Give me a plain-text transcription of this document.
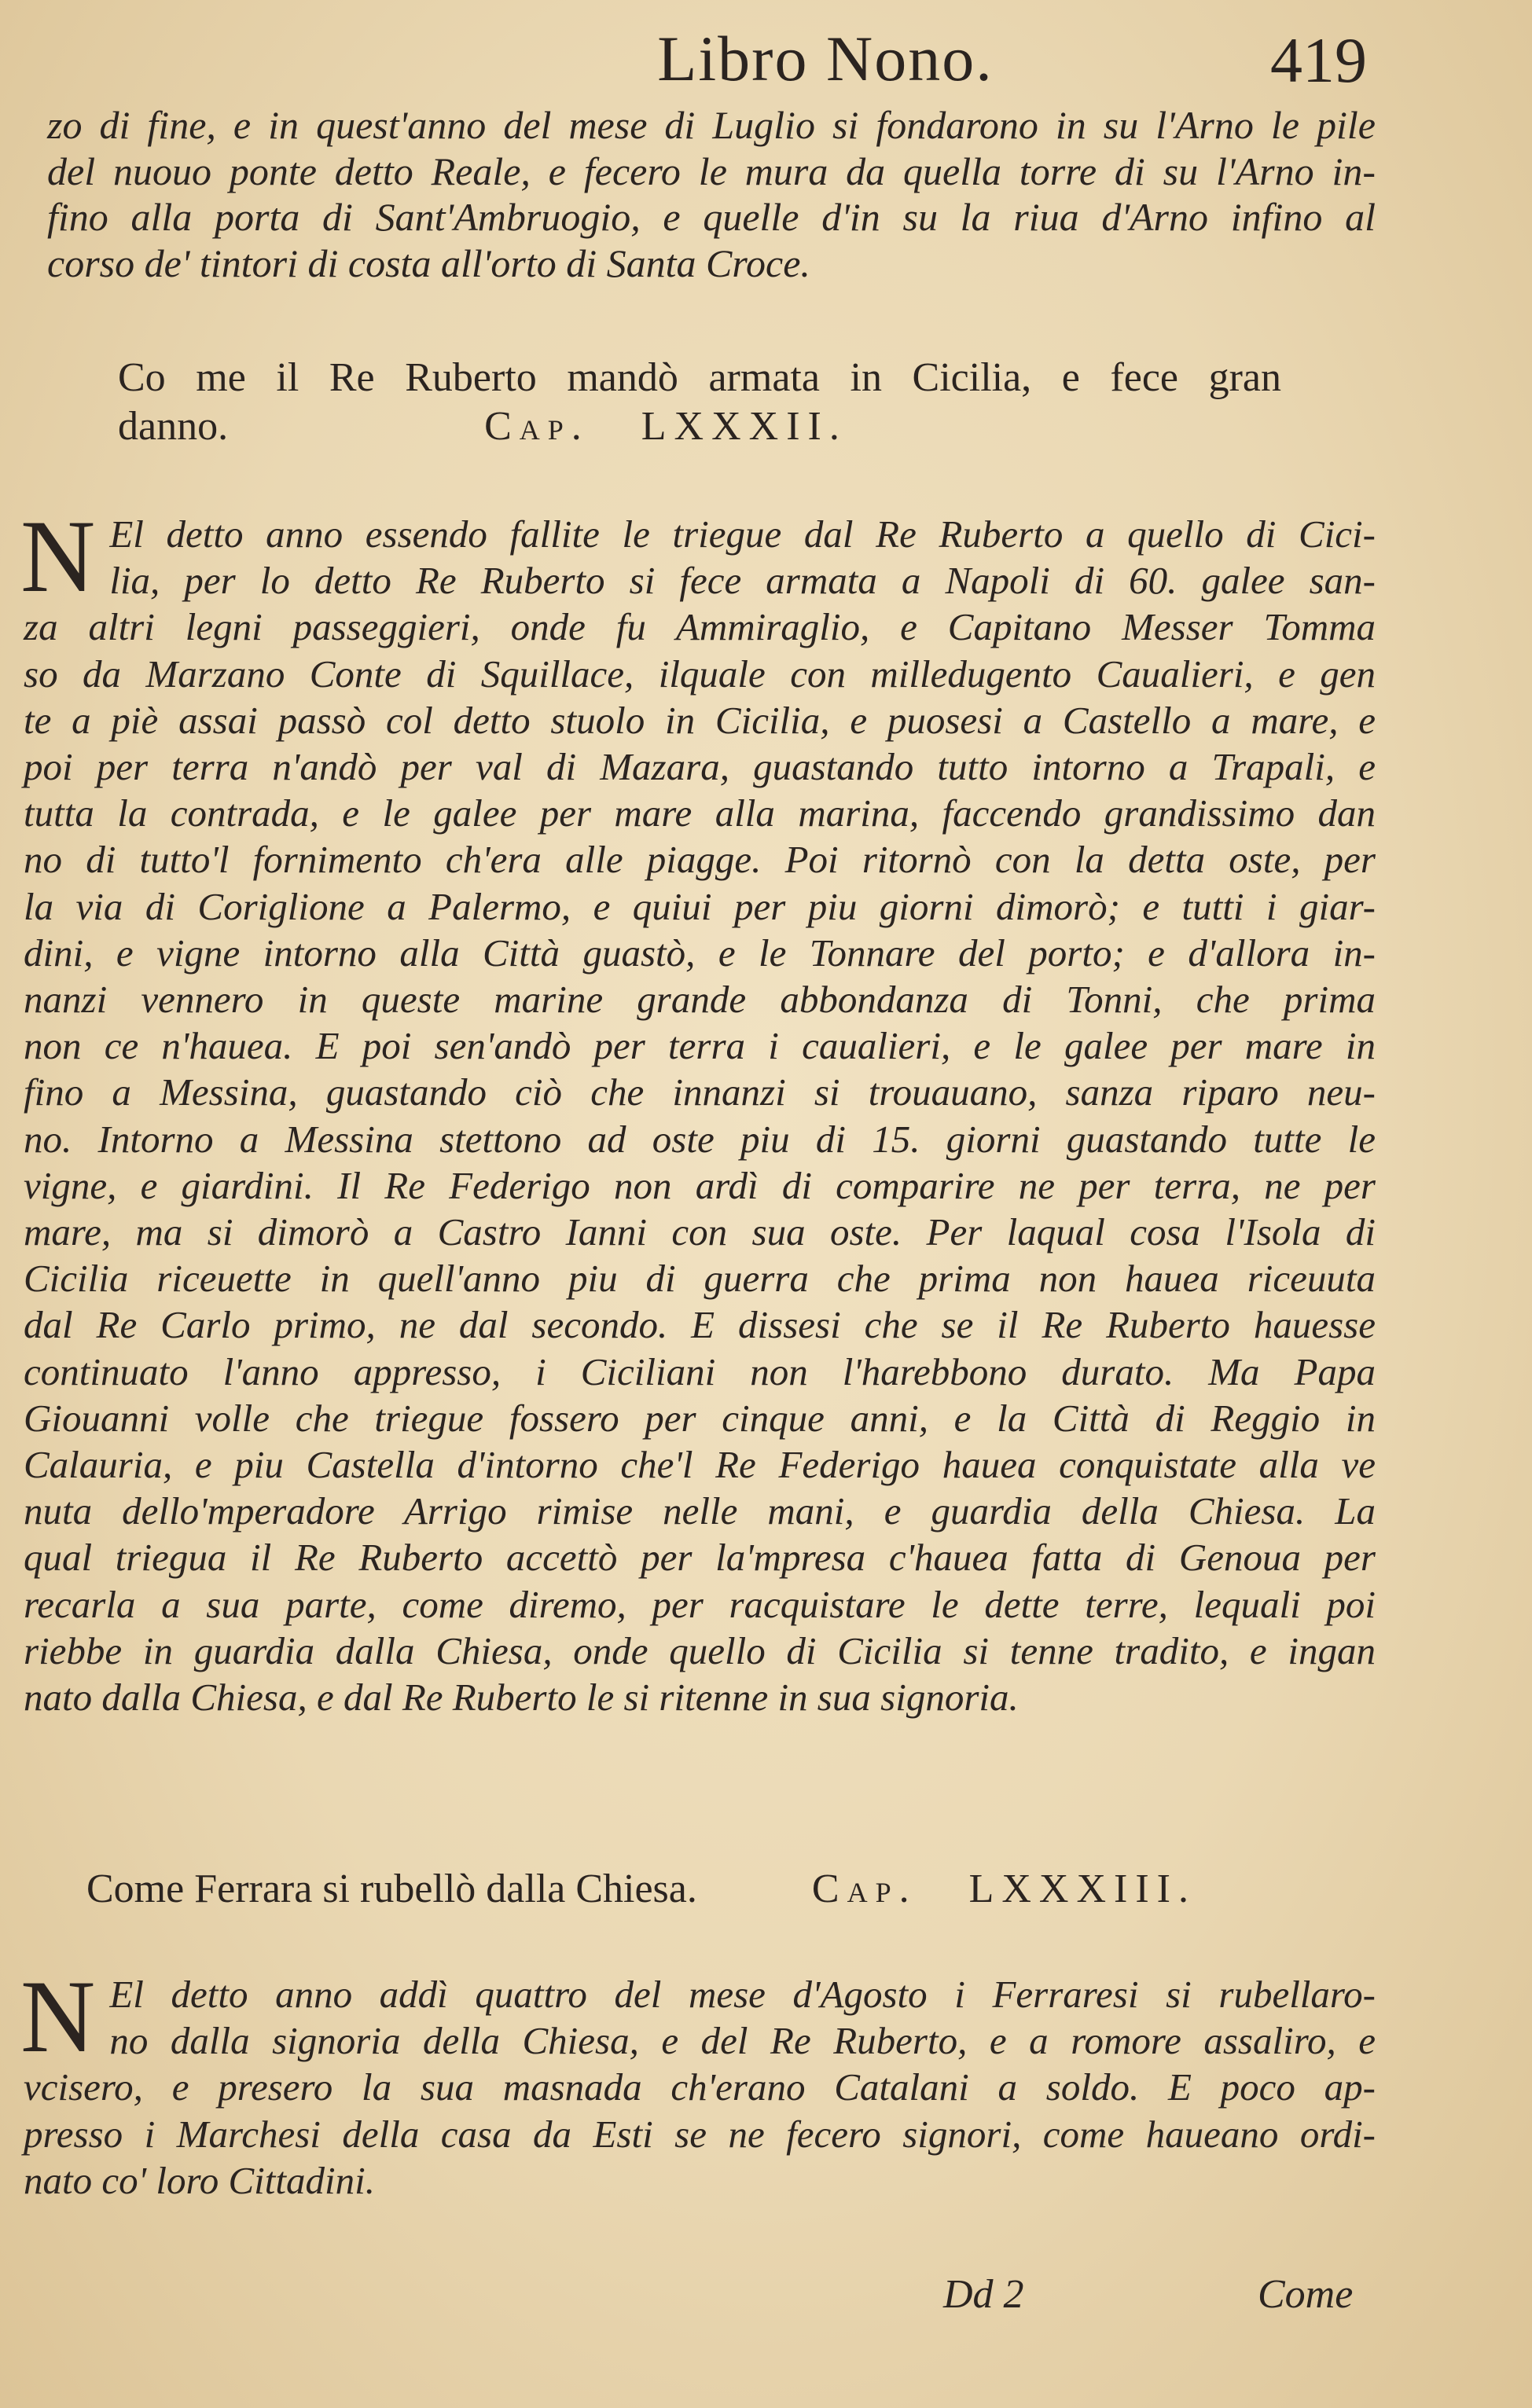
Libro Nono.	419
zo di fine, e in quest'anno del mese di Luglio si fondarono in su l'Arno le pile
del nuouo ponte detto Reale, e fecero le mura da quella torre di su l'Arno in-
fino alla porta di Sant'Ambruogio, e quelle d'in su la riua d'Arno infino al
corso de' tintori di costa all'orto di Santa Croce.
Co me il Re Ruberto mandò armata in Cicilia, e fece gran
danno.	Cap. LXXXII.
N El detto anno essendo fallite le triegue dal Re Ruberto a quello di Cici-
lia, per lo detto Re Ruberto si fece armata a Napoli di 60. galee san-
za altri legni passeggieri, onde fu Ammiraglio, e Capitano Messer Tomma
so da Marzano Conte di Squillace, ilquale con milledugento Caualieri, e gen
te a piè assai passò col detto stuolo in Cicilia, e puosesi a Castello a mare, e
poi per terra n'andò per val di Mazara, guastando tutto intorno a Trapali, e
tutta la contrada, e le galee per mare alla marina, faccendo grandissimo dan
no di tutto'l fornimento ch'era alle piagge. Poi ritornò con la detta oste, per
la via di Coriglione a Palermo, e quiui per piu giorni dimorò; e tutti i giar-
dini, e vigne intorno alla Città guastò, e le Tonnare del porto; e d'allora in-
nanzi vennero in queste marine grande abbondanza di Tonni, che prima
non ce n'hauea. E poi sen'andò per terra i caualieri, e le galee per mare in
fino a Messina, guastando ciò che innanzi si trouauano, sanza riparo neu-
no. Intorno a Messina stettono ad oste piu di 15. giorni guastando tutte le
vigne, e giardini. Il Re Federigo non ardì di comparire ne per terra, ne per
mare, ma si dimorò a Castro Ianni con sua oste. Per laqual cosa l'Isola di
Cicilia riceuette in quell'anno piu di guerra che prima non hauea riceuuta
dal Re Carlo primo, ne dal secondo. E dissesi che se il Re Ruberto hauesse
continuato l'anno appresso, i Ciciliani non l'harebbono durato. Ma Papa
Giouanni volle che triegue fossero per cinque anni, e la Città di Reggio in
Calauria, e piu Castella d'intorno che'l Re Federigo hauea conquistate alla ve
nuta dello'mperadore Arrigo rimise nelle mani, e guardia della Chiesa. La
qual triegua il Re Ruberto accettò per la'mpresa c'hauea fatta di Genoua per
recarla a sua parte, come diremo, per racquistare le dette terre, lequali poi
riebbe in guardia dalla Chiesa, onde quello di Cicilia si tenne tradito, e ingan
nato dalla Chiesa, e dal Re Ruberto le si ritenne in sua signoria.
Come Ferrara si rubellò dalla Chiesa.	Cap. LXXXIII.
N El detto anno addì quattro del mese d'Agosto i Ferraresi si rubellaro-
no dalla signoria della Chiesa, e del Re Ruberto, e a romore assaliro, e
vcisero, e presero la sua masnada ch'erano Catalani a soldo. E poco ap-
presso i Marchesi della casa da Esti se ne fecero signori, come haueano ordi-
nato co' loro Cittadini.
Dd 2	Come
